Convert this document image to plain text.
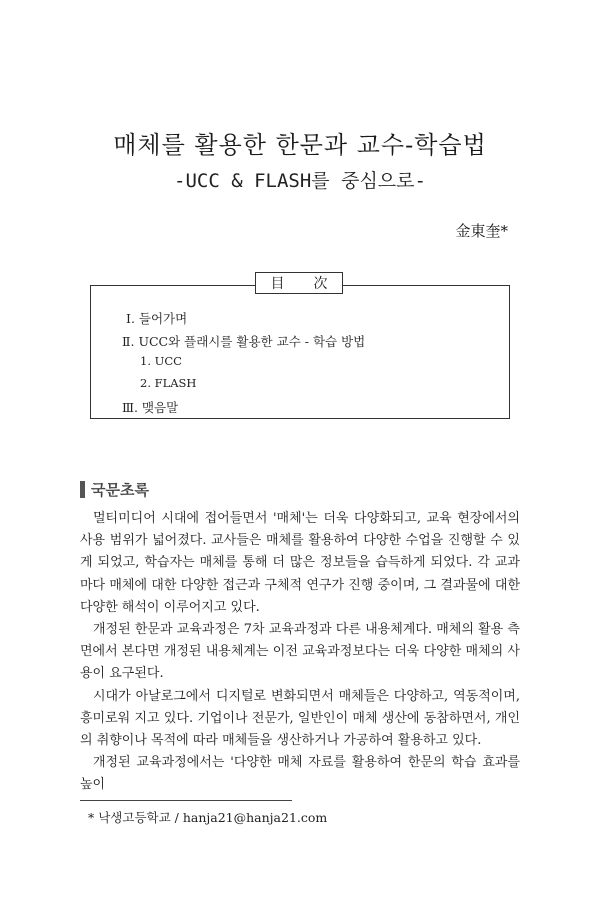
매체를 활용한 한문과 교수-학습법
-UCC & FLASH를 중심으로-
金東奎*
目 次
Ⅰ. 들어가며
Ⅱ. UCC와 플래시를 활용한 교수 - 학습 방법
1. UCC
2. FLASH
Ⅲ. 맺음말
국문초록

멀티미디어 시대에 접어들면서 '매체'는 더욱 다양화되고, 교육 현장에서의 사용 범위가 넓어졌다. 교사들은 매체를 활용하여 다양한 수업을 진행할 수 있게 되었고, 학습자는 매체를 통해 더 많은 정보들을 습득하게 되었다. 각 교과마다 매체에 대한 다양한 접근과 구체적 연구가 진행 중이며, 그 결과물에 대한 다양한 해석이 이루어지고 있다.

개정된 한문과 교육과정은 7차 교육과정과 다른 내용체계다. 매체의 활용 측면에서 본다면 개정된 내용체계는 이전 교육과정보다는 더욱 다양한 매체의 사용이 요구된다.

시대가 아날로그에서 디지털로 변화되면서 매체들은 다양하고, 역동적이며, 흥미로워 지고 있다. 기업이나 전문가, 일반인이 매체 생산에 동참하면서, 개인의 취향이나 목적에 따라 매체들을 생산하거나 가공하여 활용하고 있다.

개정된 교육과정에서는 '다양한 매체 자료를 활용하여 한문의 학습 효과를 높이

* 낙생고등학교 / hanja21@hanja21.com
